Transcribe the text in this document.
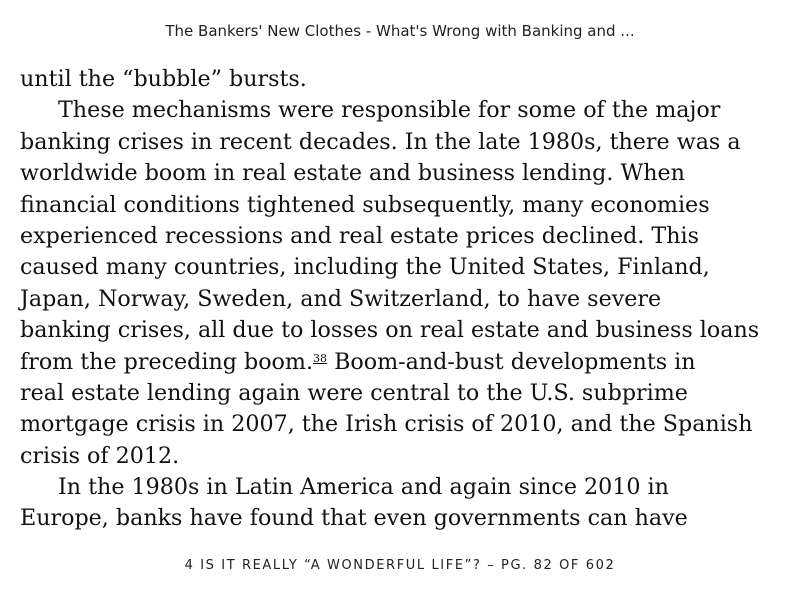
The Bankers' New Clothes - What's Wrong with Banking and ...
until the “bubble” bursts.
These mechanisms were responsible for some of the major
banking crises in recent decades. In the late 1980s, there was a
worldwide boom in real estate and business lending. When
financial conditions tightened subsequently, many economies
experienced recessions and real estate prices declined. This
caused many countries, including the United States, Finland,
Japan, Norway, Sweden, and Switzerland, to have severe
banking crises, all due to losses on real estate and business loans
from the preceding boom.$^{38}$ Boom-and-bust developments in
real estate lending again were central to the U.S. subprime
mortgage crisis in 2007, the Irish crisis of 2010, and the Spanish
crisis of 2012.
In the 1980s in Latin America and again since 2010 in
Europe, banks have found that even governments can have
4 IS IT REALLY “A WONDERFUL LIFE”? – PG. 82 OF 602
